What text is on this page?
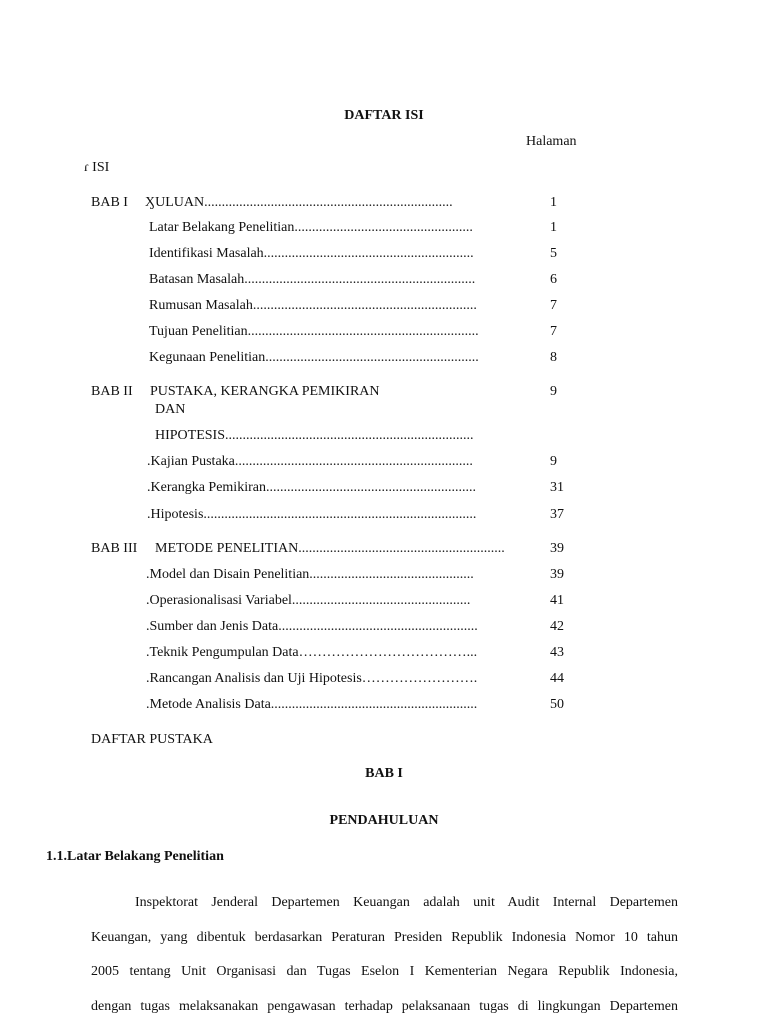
DAFTAR ISI
Halaman
ɾ ISI
BAB I ӼULUAN.......................................................................	1
Latar Belakang Penelitian...................................................	1
Identifikasi Masalah............................................................	5
Batasan Masalah..................................................................	6
Rumusan Masalah................................................................	7
Tujuan Penelitian..................................................................	7
Kegunaan Penelitian.............................................................	8
BAB II PUSTAKA, KERANGKA PEMIKIRAN	9
DAN
HIPOTESIS.......................................................................
.Kajian Pustaka....................................................................	9
.Kerangka Pemikiran............................................................	31
.Hipotesis..............................................................................	37
BAB III METODE PENELITIAN...........................................................	39
.Model dan Disain Penelitian...............................................	39
.Operasionalisasi Variabel...................................................	41
.Sumber dan Jenis Data.........................................................	42
.Teknik Pengumpulan Data………………………………...	43
.Rancangan Analisis dan Uji Hipotesis…………………….	44
.Metode Analisis Data...........................................................	50
DAFTAR PUSTAKA
BAB I
PENDAHULUAN
1.1.Latar Belakang Penelitian
Inspektorat Jenderal Departemen Keuangan adalah unit Audit Internal Departemen
Keuangan, yang dibentuk berdasarkan Peraturan Presiden Republik Indonesia Nomor 10 tahun
2005 tentang Unit Organisasi dan Tugas Eselon I Kementerian Negara Republik Indonesia,
dengan tugas melaksanakan pengawasan terhadap pelaksanaan tugas di lingkungan Departemen
